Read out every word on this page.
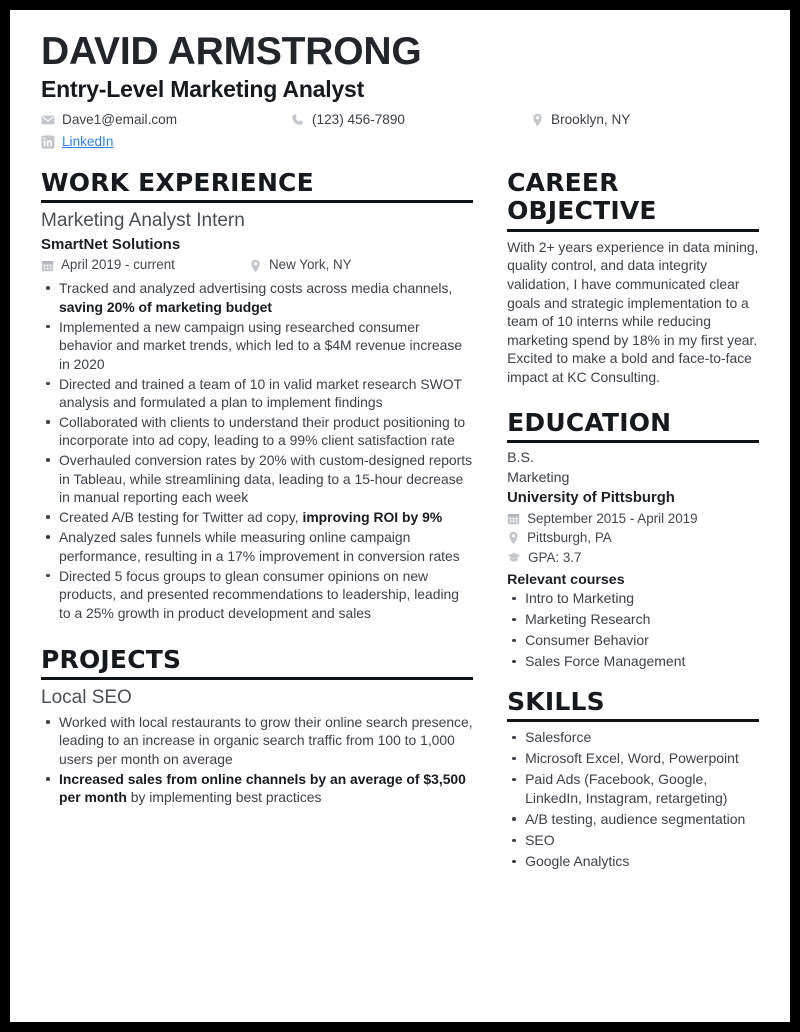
DAVID ARMSTRONG
Entry-Level Marketing Analyst
Dave1@email.com	(123) 456-7890	Brooklyn, NY
LinkedIn
WORK EXPERIENCE
Marketing Analyst Intern
SmartNet Solutions
April 2019 - current	New York, NY
Tracked and analyzed advertising costs across media channels, saving 20% of marketing budget
Implemented a new campaign using researched consumer behavior and market trends, which led to a $4M revenue increase in 2020
Directed and trained a team of 10 in valid market research SWOT analysis and formulated a plan to implement findings
Collaborated with clients to understand their product positioning to incorporate into ad copy, leading to a 99% client satisfaction rate
Overhauled conversion rates by 20% with custom-designed reports in Tableau, while streamlining data, leading to a 15-hour decrease in manual reporting each week
Created A/B testing for Twitter ad copy, improving ROI by 9%
Analyzed sales funnels while measuring online campaign performance, resulting in a 17% improvement in conversion rates
Directed 5 focus groups to glean consumer opinions on new products, and presented recommendations to leadership, leading to a 25% growth in product development and sales
PROJECTS
Local SEO
Worked with local restaurants to grow their online search presence, leading to an increase in organic search traffic from 100 to 1,000 users per month on average
Increased sales from online channels by an average of $3,500 per month by implementing best practices
CAREER OBJECTIVE

With 2+ years experience in data mining, quality control, and data integrity validation, I have communicated clear goals and strategic implementation to a team of 10 interns while reducing marketing spend by 18% in my first year. Excited to make a bold and face-to-face impact at KC Consulting.

EDUCATION
B.S.
Marketing
University of Pittsburgh
September 2015 - April 2019
Pittsburgh, PA
GPA: 3.7
Relevant courses
Intro to Marketing
Marketing Research
Consumer Behavior
Sales Force Management
SKILLS
Salesforce
Microsoft Excel, Word, Powerpoint
Paid Ads (Facebook, Google, LinkedIn, Instagram, retargeting)
A/B testing, audience segmentation
SEO
Google Analytics
